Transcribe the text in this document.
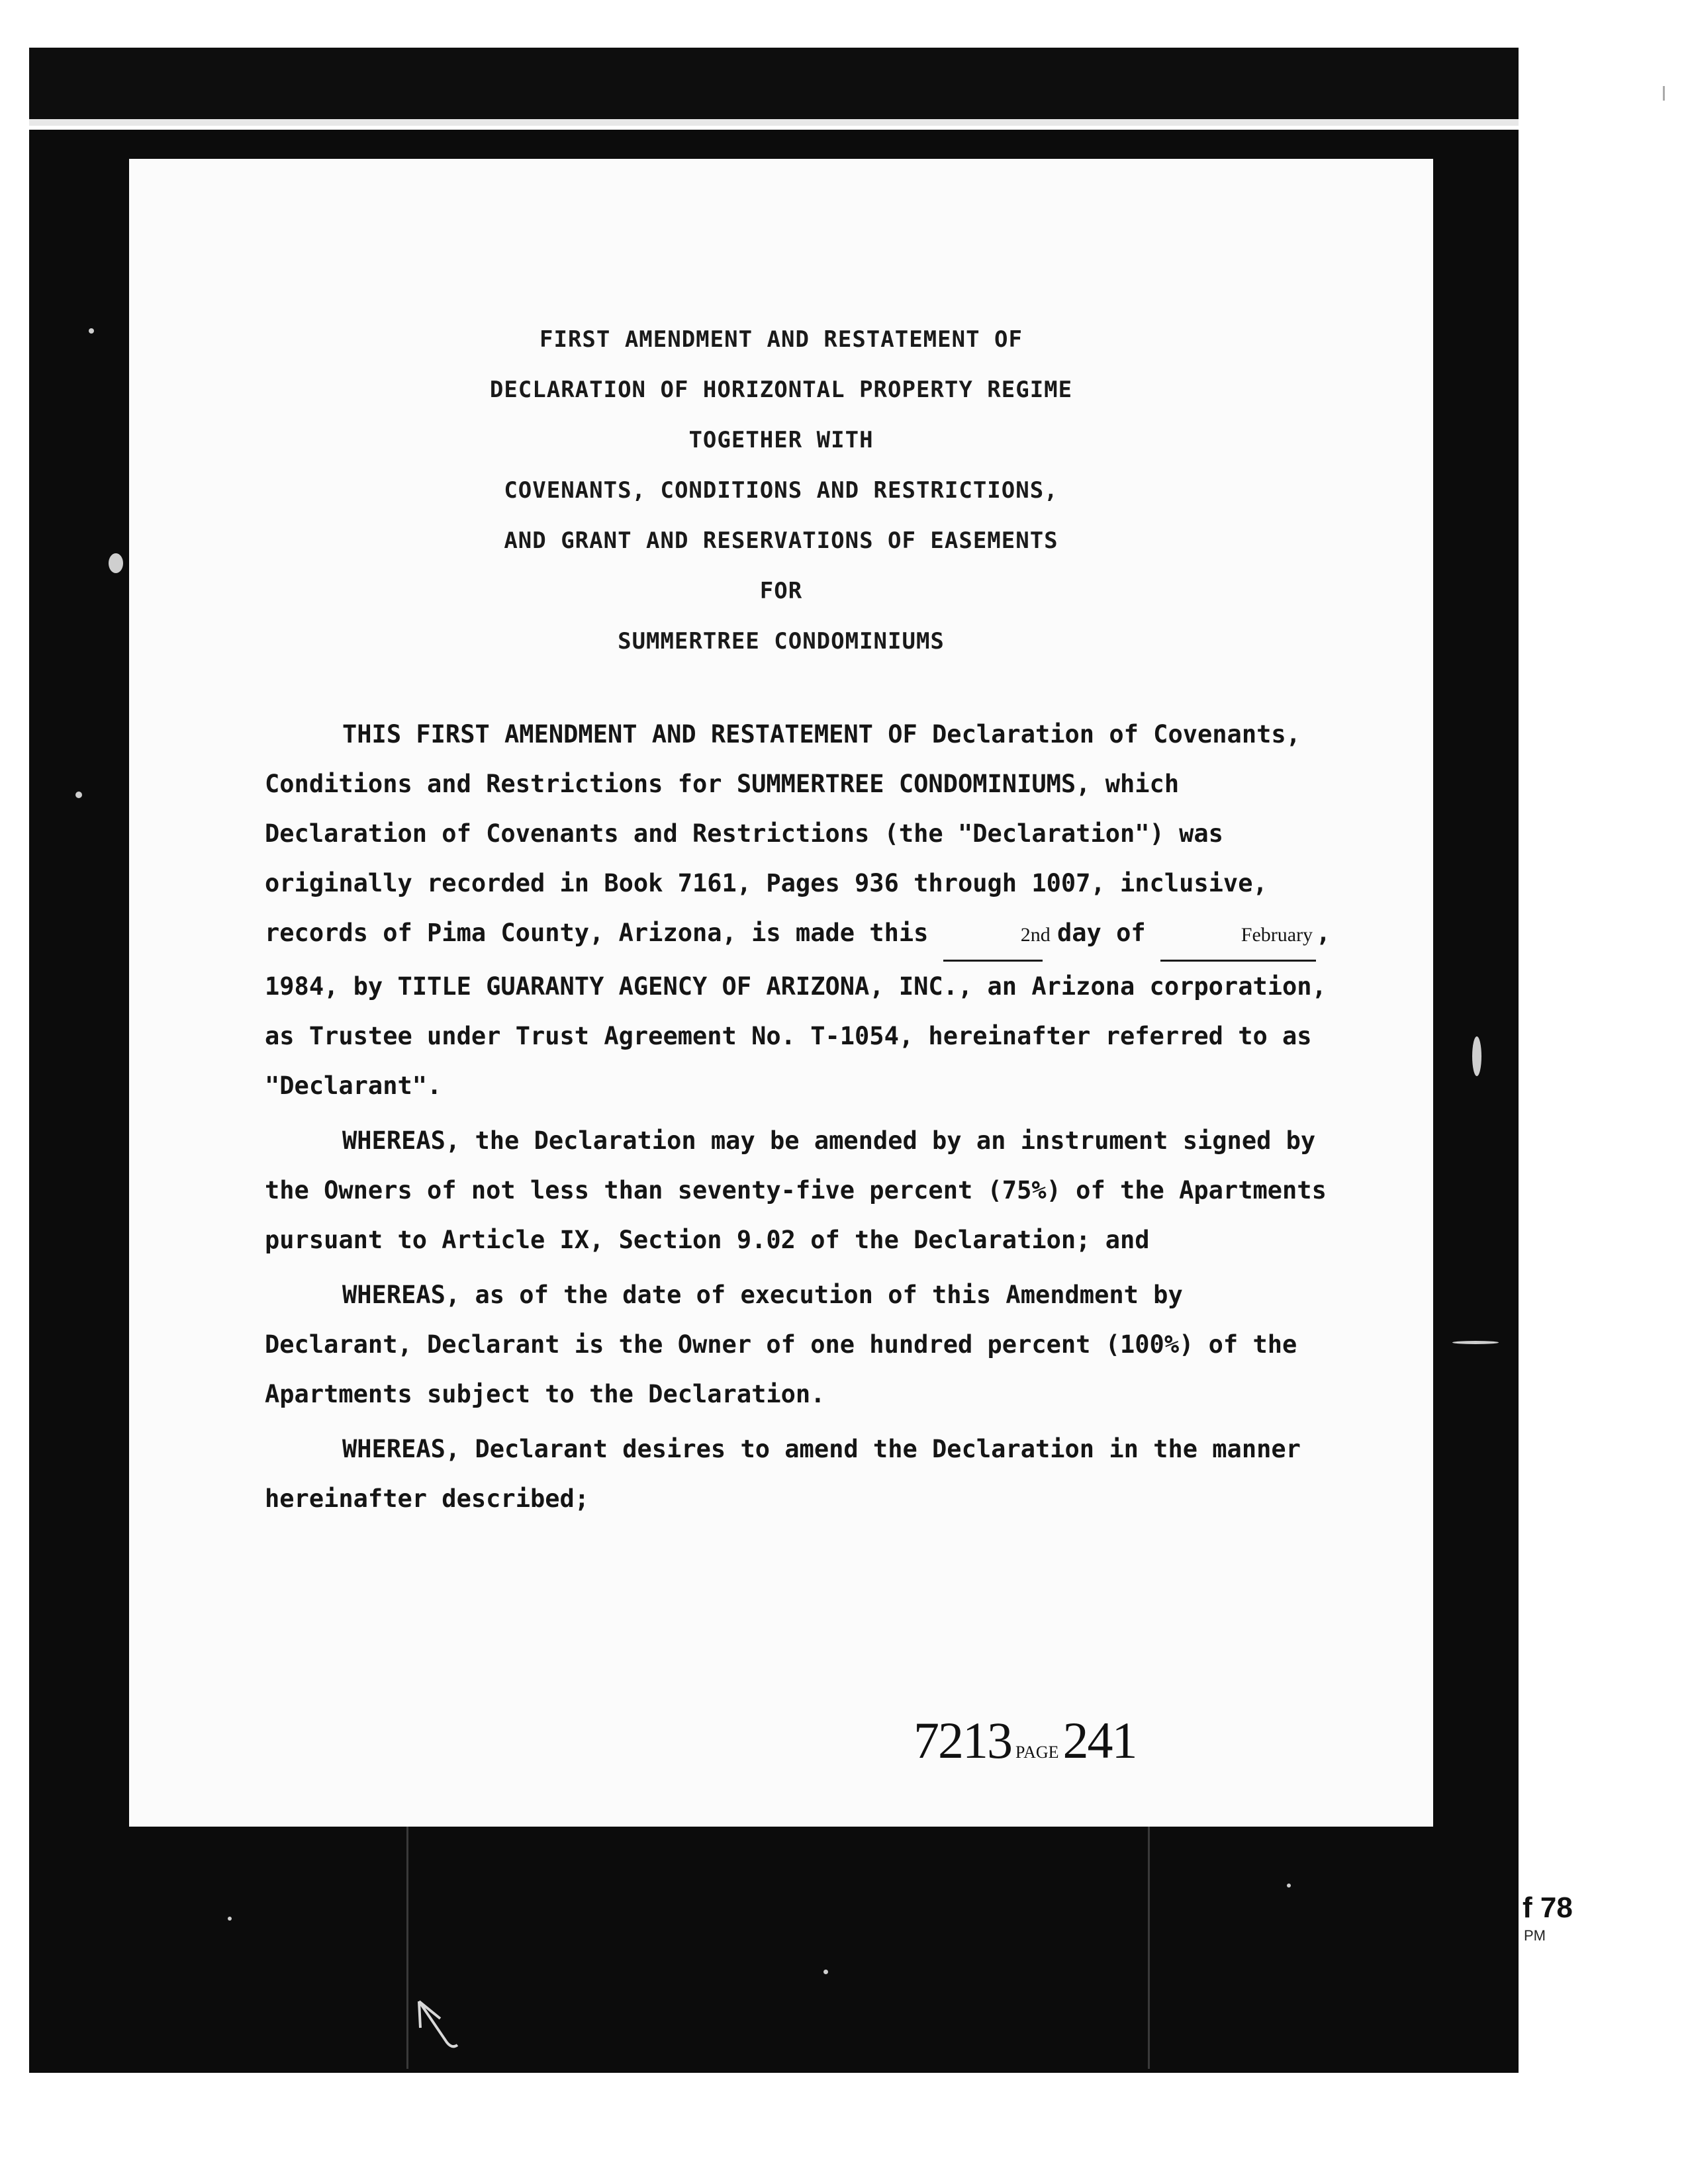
FIRST AMENDMENT AND RESTATEMENT OF
DECLARATION OF HORIZONTAL PROPERTY REGIME
TOGETHER WITH
COVENANTS, CONDITIONS AND RESTRICTIONS,
AND GRANT AND RESERVATIONS OF EASEMENTS
FOR
SUMMERTREE CONDOMINIUMS

THIS FIRST AMENDMENT AND RESTATEMENT OF Declaration of Covenants, Conditions and Restrictions for SUMMERTREE CONDOMINIUMS, which Declaration of Covenants and Restrictions (the "Declaration") was originally recorded in Book 7161, Pages 936 through 1007, inclusive, records of Pima County, Arizona, is made this	2nd day of	February , 1984, by TITLE GUARANTY AGENCY OF ARIZONA, INC., an Arizona corporation, as Trustee under Trust Agreement No. T-1054, hereinafter referred to as "Declarant".

WHEREAS, the Declaration may be amended by an instrument signed by the Owners of not less than seventy-five percent (75%) of the Apartments pursuant to Article IX, Section 9.02 of the Declaration; and

WHEREAS, as of the date of execution of this Amendment by Declarant, Declarant is the Owner of one hundred percent (100%) of the Apartments subject to the Declaration.

WHEREAS, Declarant desires to amend the Declaration in the manner hereinafter described;

7213 PAGE241
f 78
PM
